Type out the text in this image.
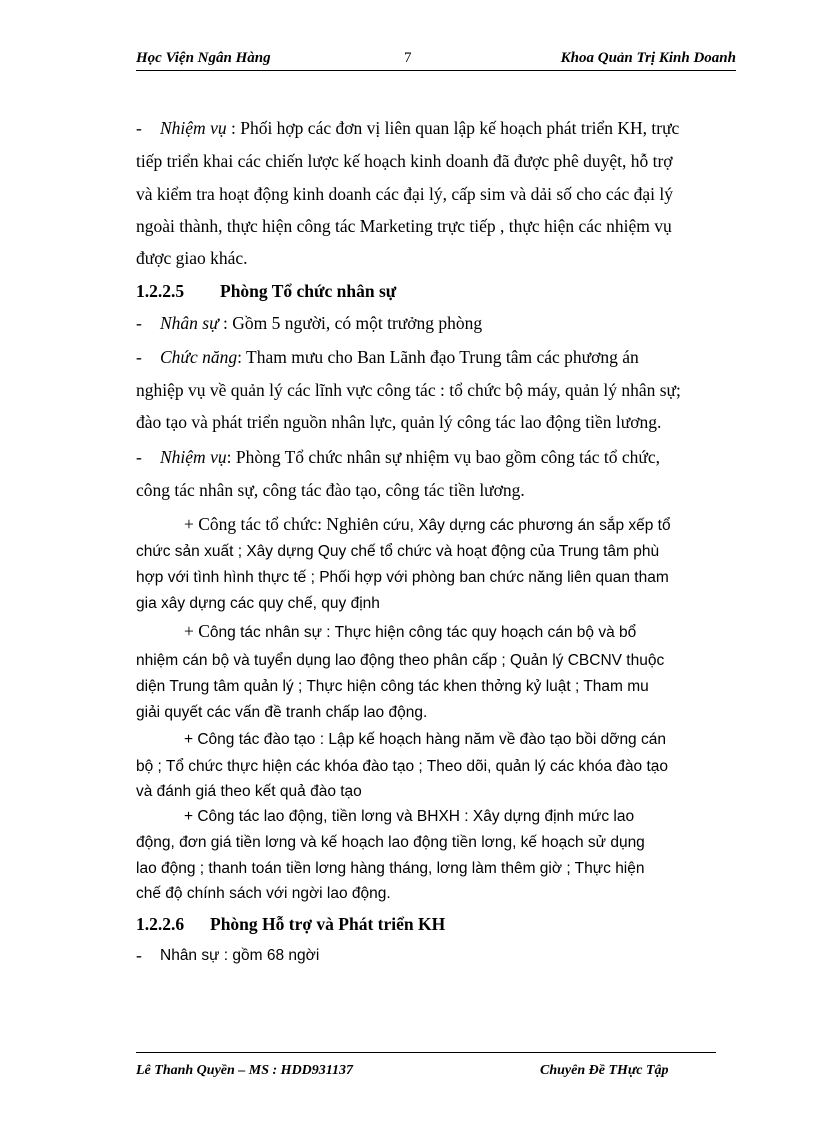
Học Viện Ngân Hàng	7	Khoa Quản Trị Kinh Doanh
- Nhiệm vụ : Phối hợp các đơn vị liên quan lập kế hoạch phát triển KH, trực
tiếp triển khai các chiến lược kế hoạch kinh doanh đã được phê duyệt, hỗ trợ
và kiểm tra hoạt động kinh doanh các đại lý, cấp sim và dải số cho các đại lý
ngoài thành, thực hiện công tác Marketing trực tiếp , thực hiện các nhiệm vụ
được giao khác.
1.2.2.5 Phòng Tổ chức nhân sự
- Nhân sự : Gồm 5 người, có một trưởng phòng
- Chức năng: Tham mưu cho Ban Lãnh đạo Trung tâm các phương án
nghiệp vụ về quản lý các lĩnh vực công tác : tổ chức bộ máy, quản lý nhân sự;
đào tạo và phát triển nguồn nhân lực, quản lý công tác lao động tiền lương.
- Nhiệm vụ: Phòng Tổ chức nhân sự nhiệm vụ bao gồm công tác tổ chức,
công tác nhân sự, công tác đào tạo, công tác tiền lương.
+ Công tác tổ chức: Nghiên cứu, Xây dựng các phương án sắp xếp tổ
chức sản xuất ; Xây dựng Quy chế tổ chức và hoạt động của Trung tâm phù
hợp với tình hình thực tế ; Phối hợp với phòng ban chức năng liên quan tham
gia xây dựng các quy chế, quy định
+ Công tác nhân sự : Thực hiện công tác quy hoạch cán bộ và bổ
nhiệm cán bộ và tuyển dụng lao động theo phân cấp ; Quản lý CBCNV thuộc
diện Trung tâm quản lý ; Thực hiện công tác khen thởng kỷ luật ; Tham mu
giải quyết các vấn đề tranh chấp lao động.
+ Công tác đào tạo : Lập kế hoạch hàng năm về đào tạo bồi dỡng cán
bộ ; Tổ chức thực hiện các khóa đào tạo ; Theo dõi, quản lý các khóa đào tạo
và đánh giá theo kết quả đào tạo
+ Công tác lao động, tiền lơng và BHXH : Xây dựng định mức lao
động, đơn giá tiền lơng và kế hoạch lao động tiền lơng, kế hoạch sử dụng
lao động ; thanh toán tiền lơng hàng tháng, lơng làm thêm giờ ; Thực hiện
chế độ chính sách với ngời lao động.
1.2.2.6 Phòng Hỗ trợ và Phát triển KH
- Nhân sự : gồm 68 ngời
Lê Thanh Quyền – MS : HDD931137	Chuyên Đề THực Tập
